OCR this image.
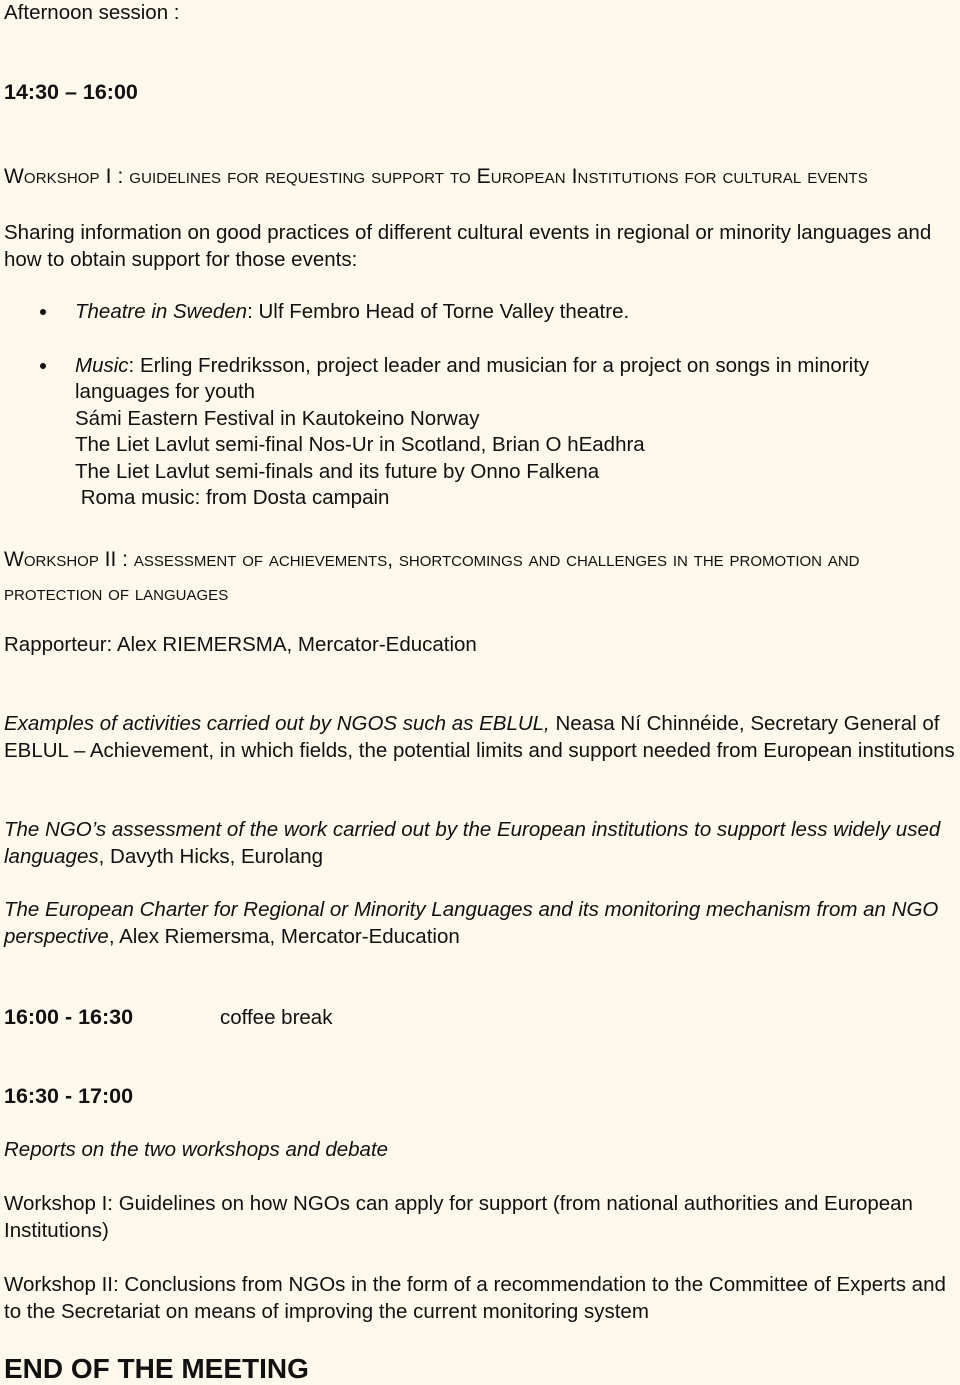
Afternoon session :

14:30 – 16:00

Workshop I : guidelines for requesting support to European Institutions for cultural events

Sharing information on good practices of different cultural events in regional or minority languages and how to obtain support for those events:

Theatre in Sweden: Ulf Fembro Head of Torne Valley theatre.
Music: Erling Fredriksson, project leader and musician for a project on songs in minority languages for youth
Sámi Eastern Festival in Kautokeino Norway
The Liet Lavlut semi-final Nos-Ur in Scotland, Brian O hEadhra
The Liet Lavlut semi-finals and its future by Onno Falkena
Roma music: from Dosta campain

Workshop II : assessment of achievements, shortcomings and challenges in the promotion and protection of languages

Rapporteur: Alex RIEMERSMA, Mercator-Education

Examples of activities carried out by NGOS such as EBLUL, Neasa Ní Chinnéide, Secretary General of EBLUL – Achievement, in which fields, the potential limits and support needed from European institutions

The NGO’s assessment of the work carried out by the European institutions to support less widely used languages, Davyth Hicks, Eurolang

The European Charter for Regional or Minority Languages and its monitoring mechanism from an NGO perspective, Alex Riemersma, Mercator-Education

16:00 - 16:30	coffee break

16:30 - 17:00

Reports on the two workshops and debate

Workshop I: Guidelines on how NGOs can apply for support (from national authorities and European Institutions)

Workshop II: Conclusions from NGOs in the form of a recommendation to the Committee of Experts and to the Secretariat on means of improving the current monitoring system

END OF THE MEETING
